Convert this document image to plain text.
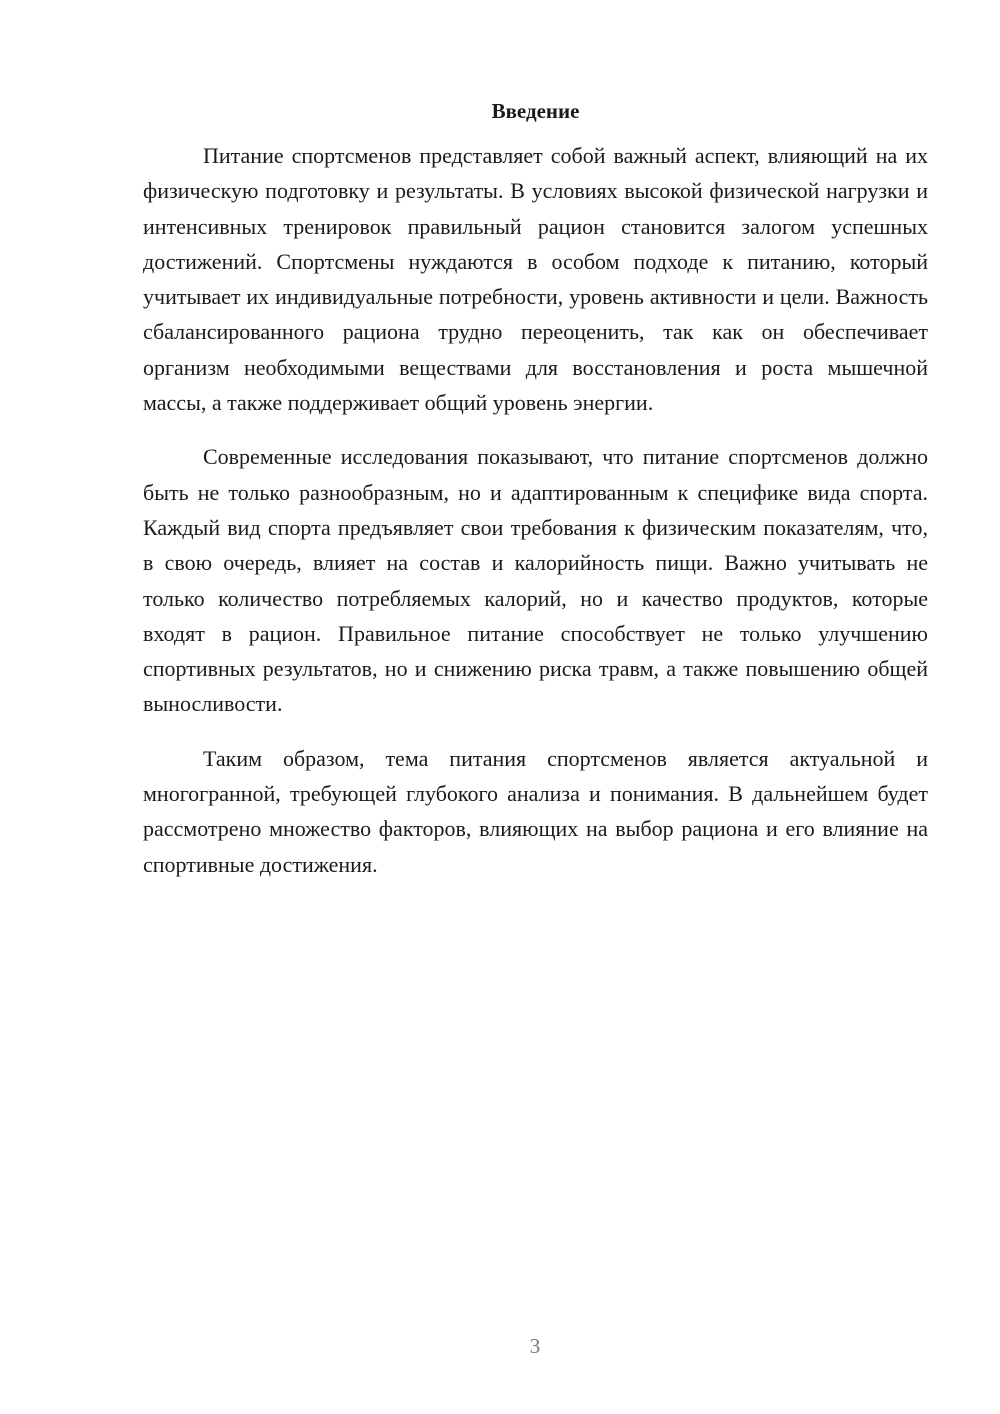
Введение

Питание спортсменов представляет собой важный аспект, влияющий на их физическую подготовку и результаты. В условиях высокой физической нагрузки и интенсивных тренировок правильный рацион становится залогом успешных достижений. Спортсмены нуждаются в особом подходе к питанию, который учитывает их индивидуальные потребности, уровень активности и цели. Важность сбалансированного рациона трудно переоценить, так как он обеспечивает организм необходимыми веществами для восстановления и роста мышечной массы, а также поддерживает общий уровень энергии.

Современные исследования показывают, что питание спортсменов должно быть не только разнообразным, но и адаптированным к специфике вида спорта. Каждый вид спорта предъявляет свои требования к физическим показателям, что, в свою очередь, влияет на состав и калорийность пищи. Важно учитывать не только количество потребляемых калорий, но и качество продуктов, которые входят в рацион. Правильное питание способствует не только улучшению спортивных результатов, но и снижению риска травм, а также повышению общей выносливости.

Таким образом, тема питания спортсменов является актуальной и многогранной, требующей глубокого анализа и понимания. В дальнейшем будет рассмотрено множество факторов, влияющих на выбор рациона и его влияние на спортивные достижения.

3
